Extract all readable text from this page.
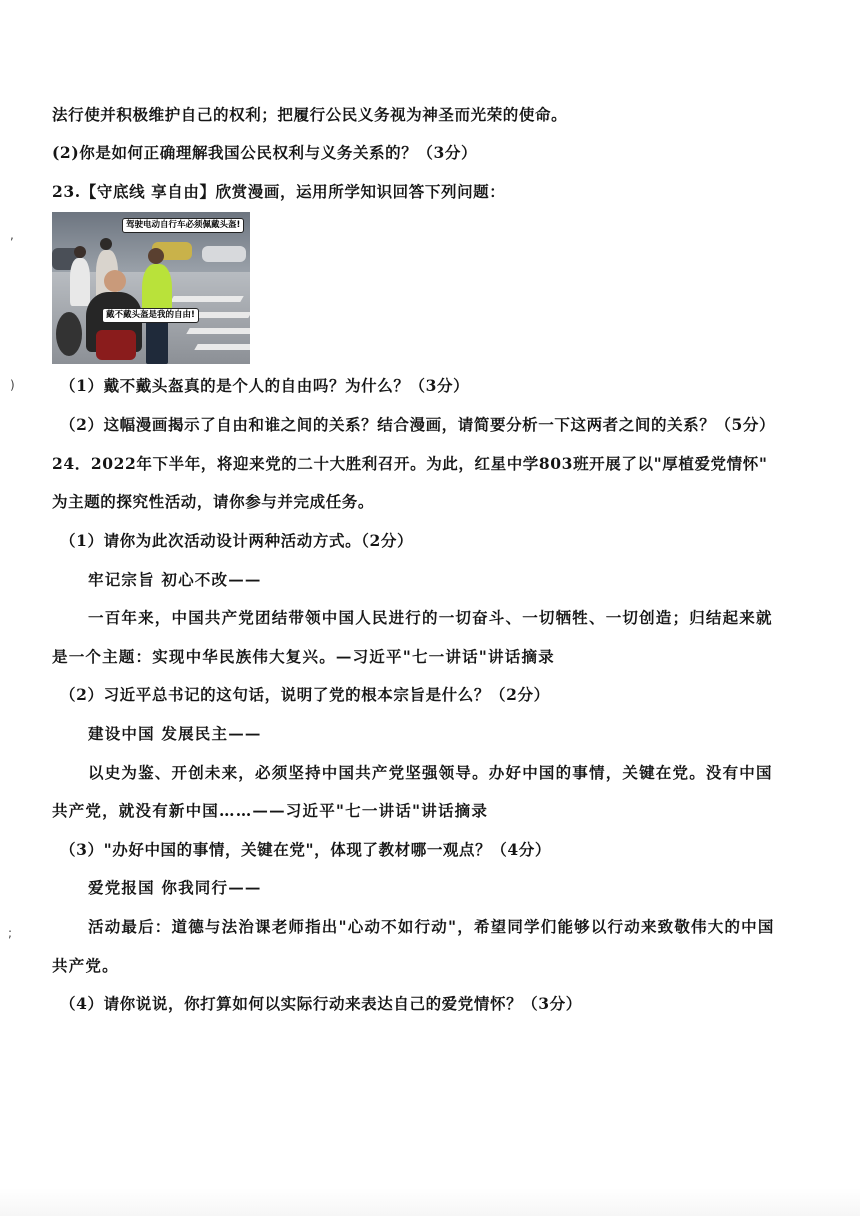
,
)
;
法行使并积极维护自己的权利；把履行公民义务视为神圣而光荣的使命。
(2)你是如何正确理解我国公民权利与义务关系的？（3分）
23.【守底线 享自由】欣赏漫画，运用所学知识回答下列问题：
驾驶电动自行车必须佩戴头盔!
戴不戴头盔是我的自由!
（1）戴不戴头盔真的是个人的自由吗？为什么？（3分）
（2）这幅漫画揭示了自由和谁之间的关系？结合漫画，请简要分析一下这两者之间的关系？（5分）
24．2022年下半年，将迎来党的二十大胜利召开。为此，红星中学803班开展了以"厚植爱党情怀"
为主题的探究性活动，请你参与并完成任务。
（1）请你为此次活动设计两种活动方式。（2分）
牢记宗旨 初心不改——
一百年来，中国共产党团结带领中国人民进行的一切奋斗、一切牺牲、一切创造；归结起来就
是一个主题：实现中华民族伟大复兴。—习近平"七一讲话"讲话摘录
（2）习近平总书记的这句话，说明了党的根本宗旨是什么？（2分）
建设中国 发展民主——
以史为鉴、开创未来，必须坚持中国共产党坚强领导。办好中国的事情，关键在党。没有中国
共产党，就没有新中国……——习近平"七一讲话"讲话摘录
（3）"办好中国的事情，关键在党"，体现了教材哪一观点？（4分）
爱党报国 你我同行——
活动最后：道德与法治课老师指出"心动不如行动"，希望同学们能够以行动来致敬伟大的中国
共产党。
（4）请你说说，你打算如何以实际行动来表达自己的爱党情怀？（3分）
